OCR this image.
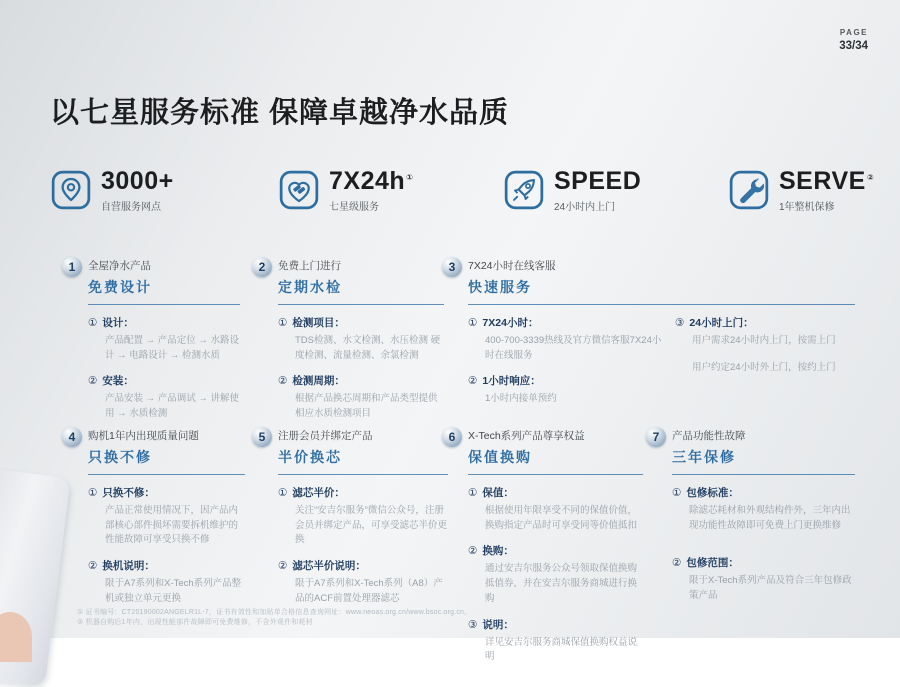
PAGE
33/34
以七星服务标准 保障卓越净水品质
3000+
自营服务网点
7X24h①
七星级服务
SPEED
24小时内上门
SERVE②
1年整机保修
1	全屋净水产品
免费设计
① 设计：
产品配置 → 产品定位 → 水路设计 → 电路设计 → 检测水质
② 安装：
产品安装 → 产品调试 → 讲解使用 → 水质检测
2	免费上门进行
定期水检
① 检测项目：
TDS检测、水文检测、水压检测 硬度检测、流量检测、余氯检测
② 检测周期：
根据产品换芯周期和产品类型提供相应水质检测项目
3	7X24小时在线客服
快速服务
① 7X24小时：
400-700-3339热线及官方微信客服7X24小时在线服务
② 1小时响应：
1小时内接单预约
③ 24小时上门：
用户需求24小时内上门，按需上门
用户约定24小时外上门，按约上门
4	购机1年内出现质量问题
只换不修
① 只换不修：
产品正常使用情况下，因产品内部核心部件损坏需要拆机维护的性能故障可享受只换不修
② 换机说明：
限于A7系列和X-Tech系列产品整机或独立单元更换
5	注册会员并绑定产品
半价换芯
① 滤芯半价：
关注“安吉尔服务”微信公众号，注册会员并绑定产品，可享受滤芯半价更换
② 滤芯半价说明：
限于A7系列和X-Tech系列（A8）产品的ACF前置处理器滤芯
6	X-Tech系列产品尊享权益
保值换购
① 保值：
根据使用年限享受不同的保值价值，换购指定产品时可享受同等价值抵扣
② 换购：
通过安吉尔服务公众号领取保值换购抵值券，并在安吉尔服务商城进行换购
③ 说明：
详见安吉尔服务商城保值换购权益说明
7	产品功能性故障
三年保修
① 包修标准：
除滤芯耗材和外观结构件外，三年内出现功能性故障即可免费上门更换维修
② 包修范围：
限于X-Tech系列产品及符合三年包修政策产品
① 证书编号：CT20190002ANGELR1L-7，证书有效性和加贴单合格信息查询网址：www.neoas.org.cn/www.bsoc.org.cn。
② 机器自购后1年内，出现性能部件故障即可免费维修，不含外观件和耗材
